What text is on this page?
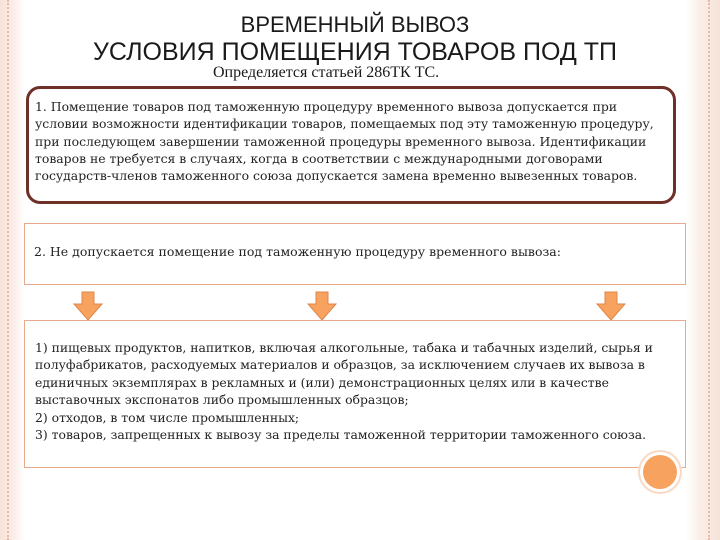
ВРЕМЕННЫЙ ВЫВОЗ
УСЛОВИЯ ПОМЕЩЕНИЯ ТОВАРОВ ПОД ТП
1. Помещение товаров под таможенную процедуру временного вывоза допускается при условии возможности идентификации товаров, помещаемых под эту таможенную процедуру, при последующем завершении таможенной процедуры временного вывоза. Идентификации товаров не требуется в случаях, когда в соответствии с международными договорами государств-членов таможенного союза допускается замена временно вывезенных товаров.
Определяется статьей 286ТК ТС.
2. Не допускается помещение под таможенную процедуру временного вывоза:

1) пищевых продуктов, напитков, включая алкогольные, табака и табачных изделий, сырья и полуфабрикатов, расходуемых материалов и образцов, за исключением случаев их вывоза в единичных экземплярах в рекламных и (или) демонстрационных целях или в качестве выставочных экспонатов либо промышленных образцов;

2) отходов, в том числе промышленных;

3) товаров, запрещенных к вывозу за пределы таможенной территории таможенного союза.
